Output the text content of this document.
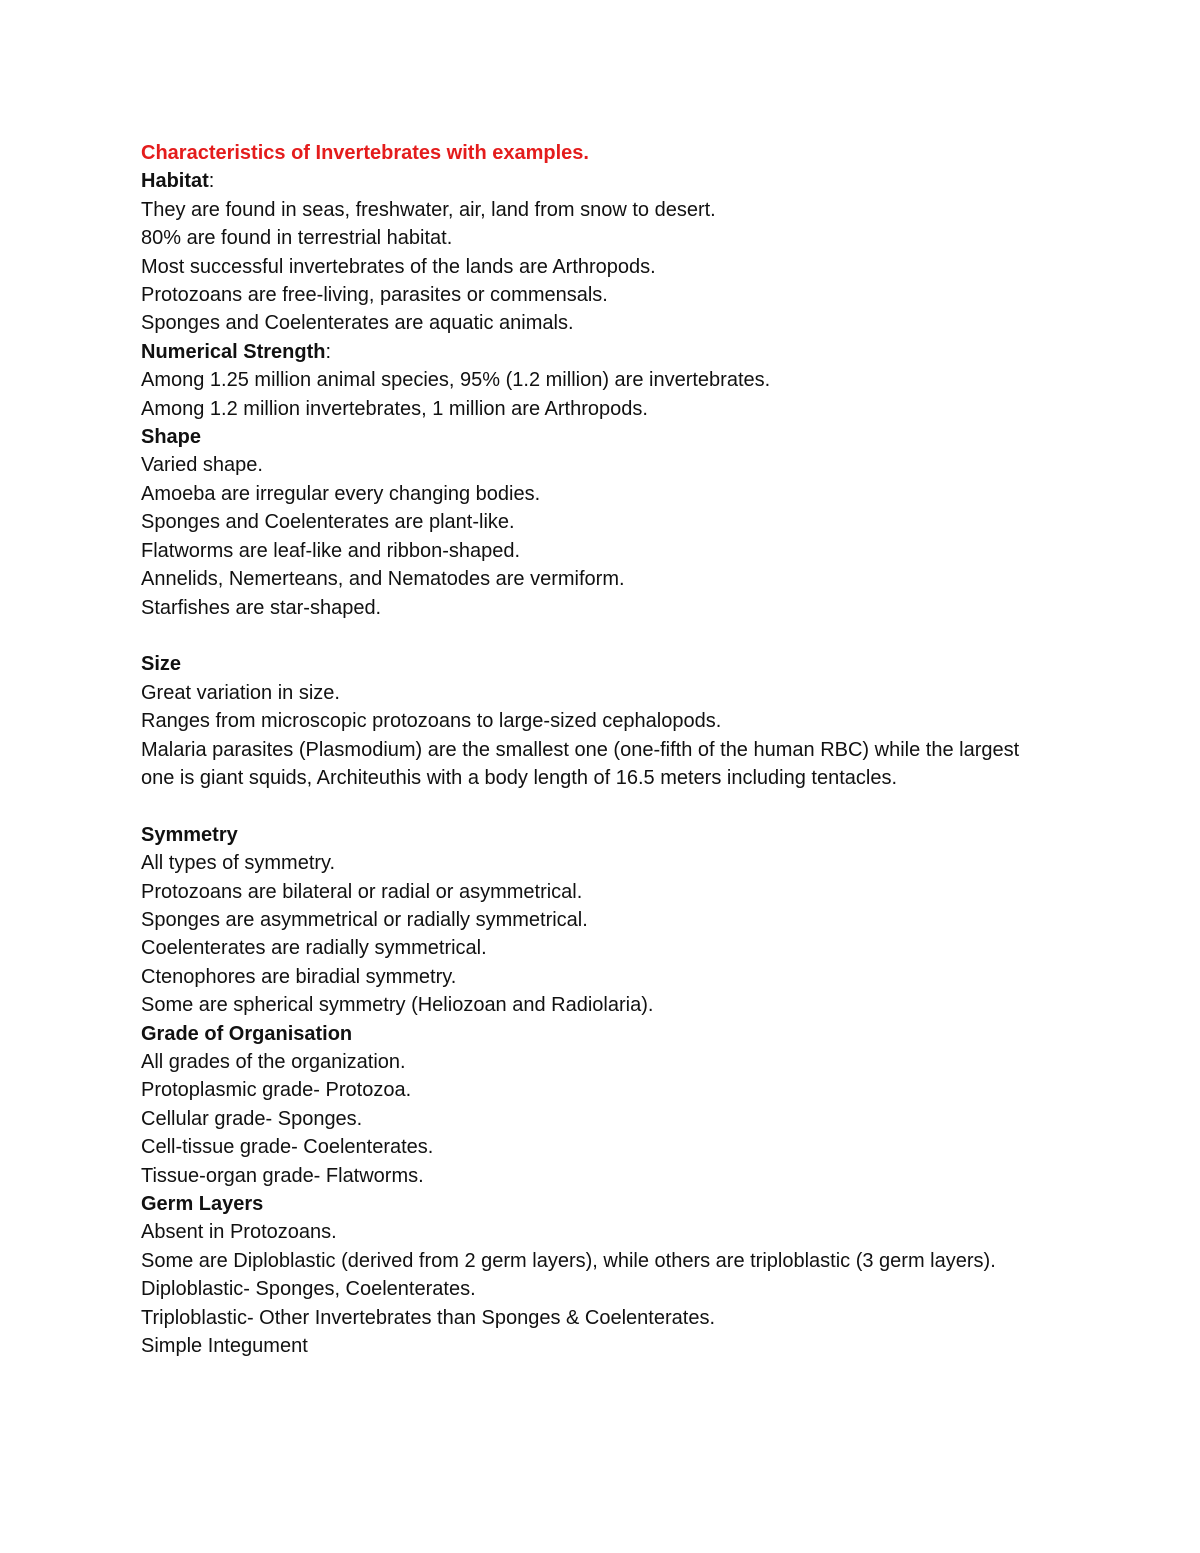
Characteristics of Invertebrates with examples.
Habitat:
They are found in seas, freshwater, air, land from snow to desert.
80% are found in terrestrial habitat.
Most successful invertebrates of the lands are Arthropods.
Protozoans are free-living, parasites or commensals.
Sponges and Coelenterates are aquatic animals.
Numerical Strength:
Among 1.25 million animal species, 95% (1.2 million) are invertebrates.
Among 1.2 million invertebrates, 1 million are Arthropods.
Shape
Varied shape.
Amoeba are irregular every changing bodies.
Sponges and Coelenterates are plant-like.
Flatworms are leaf-like and ribbon-shaped.
Annelids, Nemerteans, and Nematodes are vermiform.
Starfishes are star-shaped.
Size
Great variation in size.
Ranges from microscopic protozoans to large-sized cephalopods.
Malaria parasites (Plasmodium) are the smallest one (one-fifth of the human RBC) while the largest one is giant squids, Architeuthis with a body length of 16.5 meters including tentacles.
Symmetry
All types of symmetry.
Protozoans are bilateral or radial or asymmetrical.
Sponges are asymmetrical or radially symmetrical.
Coelenterates are radially symmetrical.
Ctenophores are biradial symmetry.
Some are spherical symmetry (Heliozoan and Radiolaria).
Grade of Organisation
All grades of the organization.
Protoplasmic grade- Protozoa.
Cellular grade- Sponges.
Cell-tissue grade- Coelenterates.
Tissue-organ grade- Flatworms.
Germ Layers
Absent in Protozoans.
Some are Diploblastic (derived from 2 germ layers), while others are triploblastic (3 germ layers).
Diploblastic- Sponges, Coelenterates.
Triploblastic- Other Invertebrates than Sponges & Coelenterates.
Simple Integument
